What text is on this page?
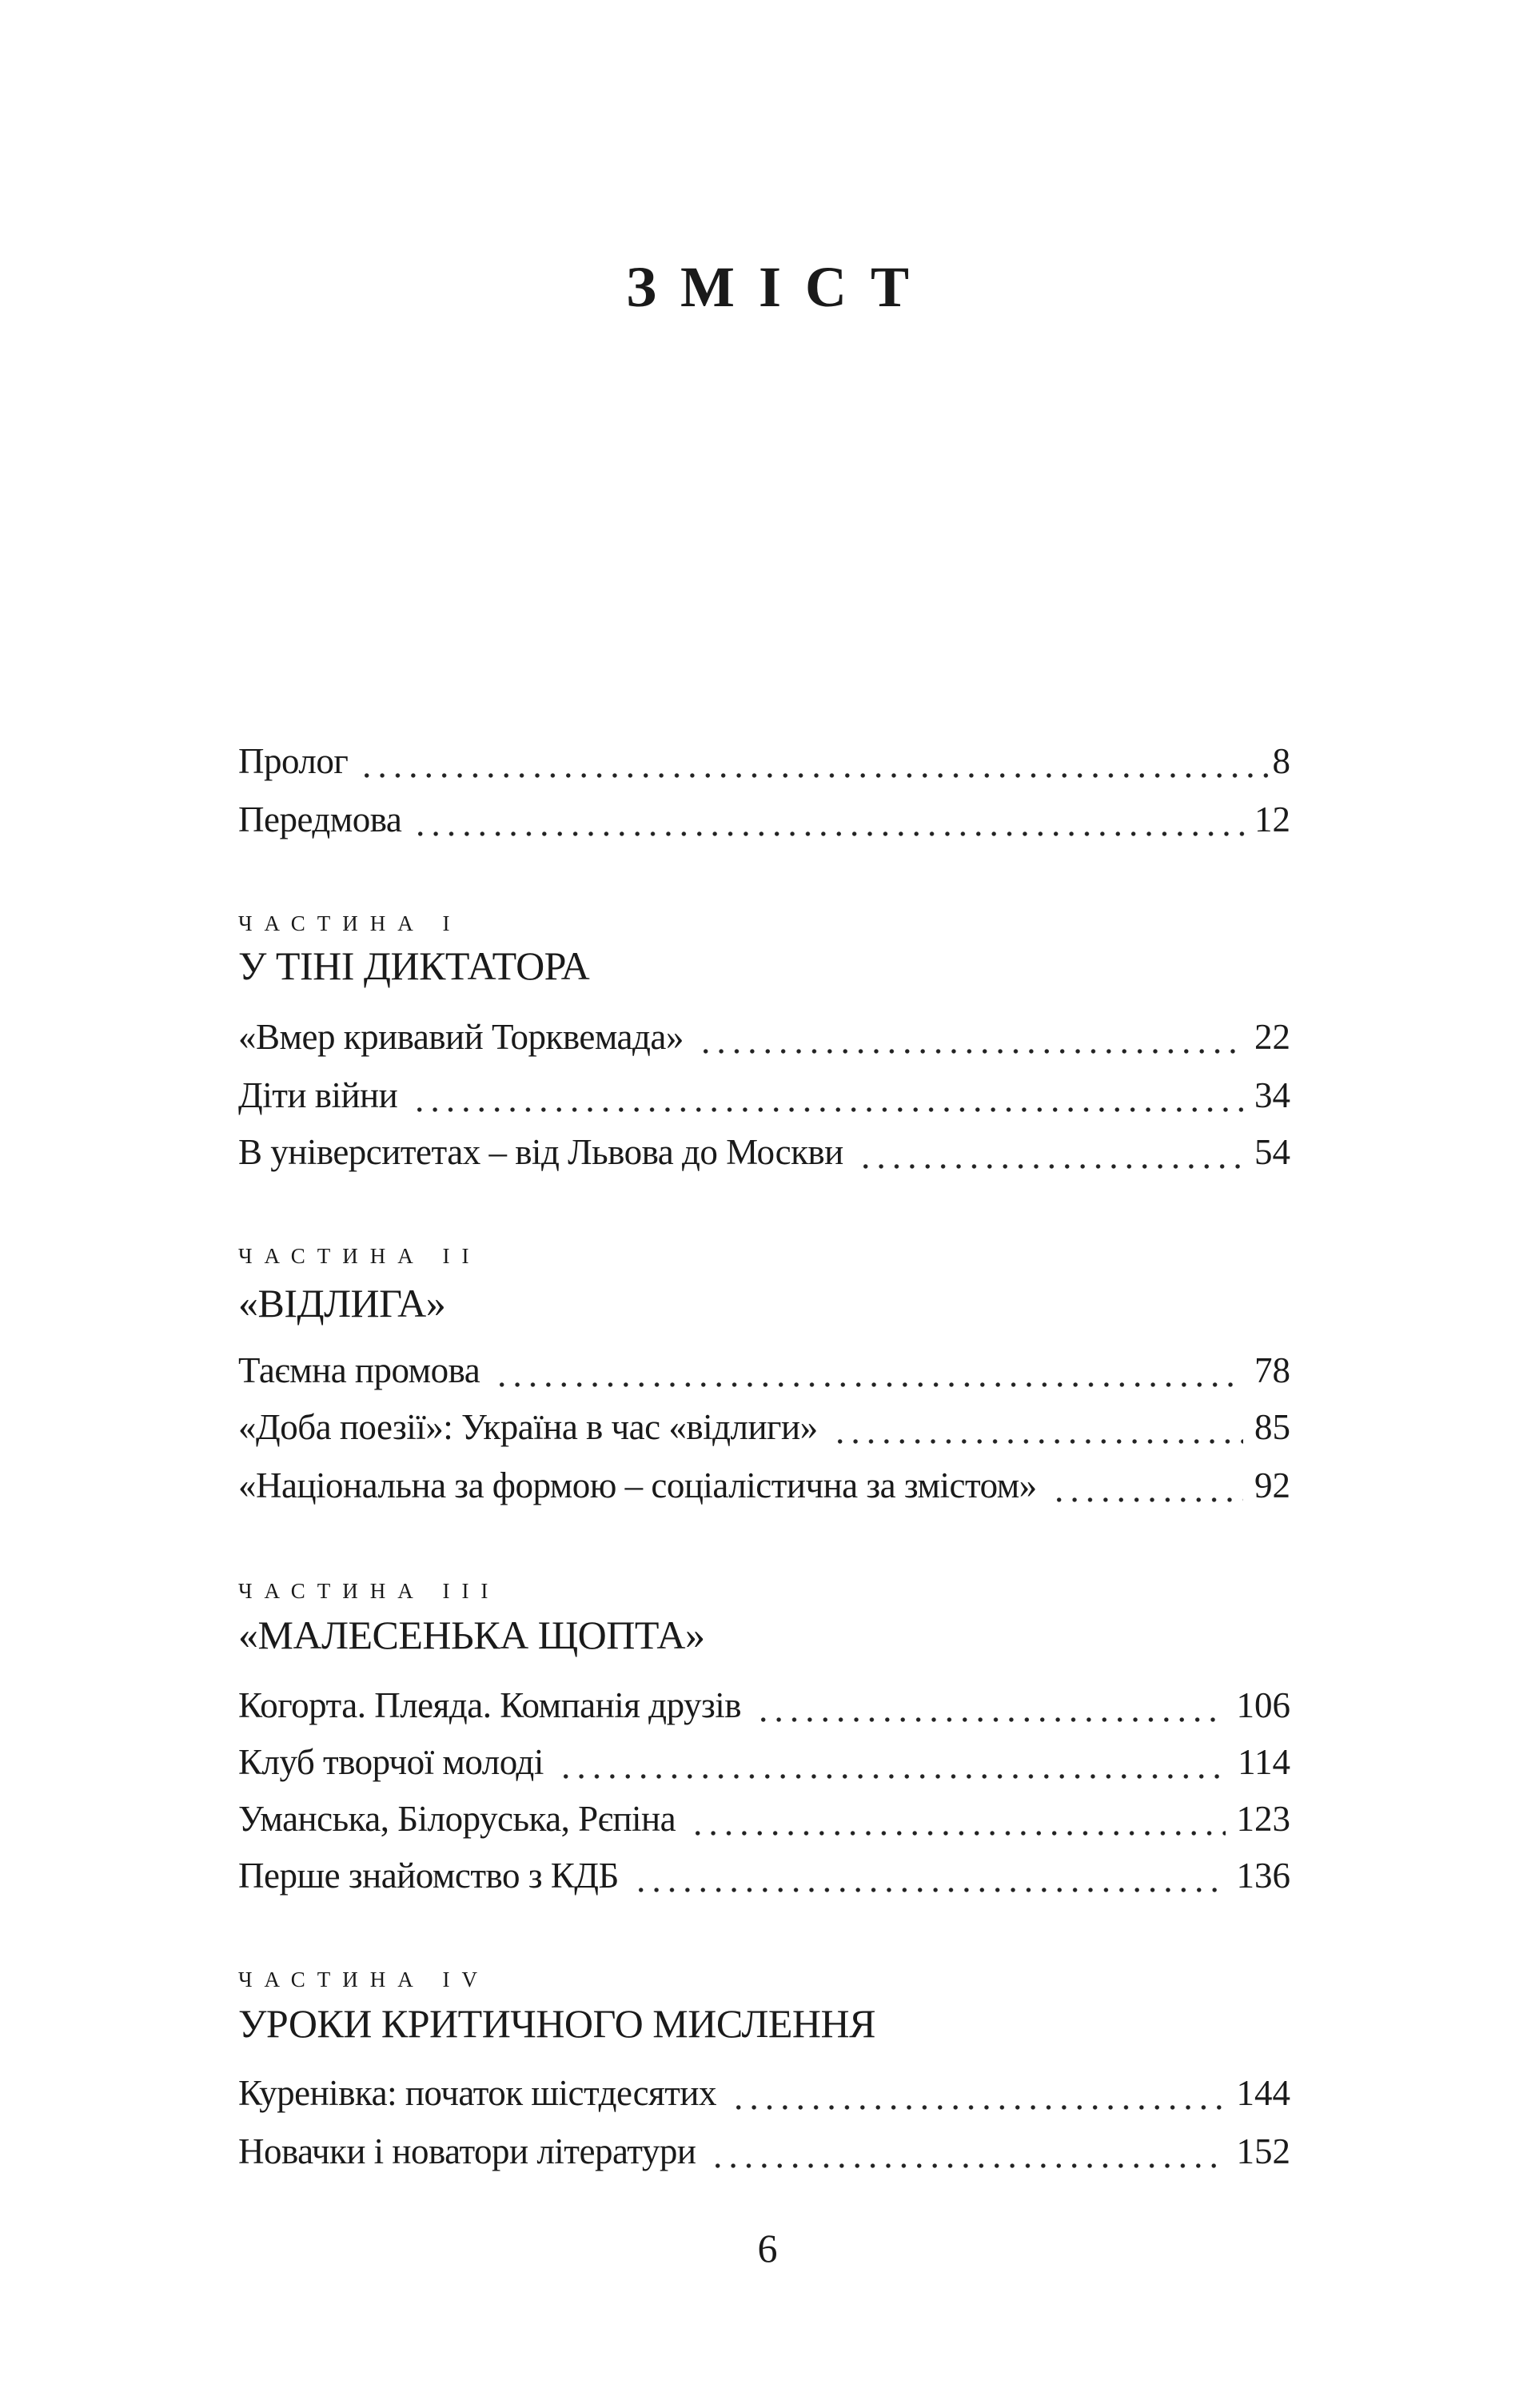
ЗМІСТ
Пролог	8
Передмова	12
ЧАСТИНА I
У ТІНІ ДИКТАТОРА
«Вмер кривавий Торквемада»	22
Діти війни	34
В університетах – від Львова до Москви	54
ЧАСТИНА II
«ВІДЛИГА»
Таємна промова	78
«Доба поезії»: Україна в час «відлиги»	85
«Національна за формою – соціалістична за змістом»	92
ЧАСТИНА III
«МАЛЕСЕНЬКА ЩОПТА»
Когорта. Плеяда. Компанія друзів	106
Клуб творчої молоді	114
Уманська, Білоруська, Рєпіна	123
Перше знайомство з КДБ	136
ЧАСТИНА IV
УРОКИ КРИТИЧНОГО МИСЛЕННЯ
Куренівка: початок шістдесятих	144
Новачки і новатори літератури	152
6
